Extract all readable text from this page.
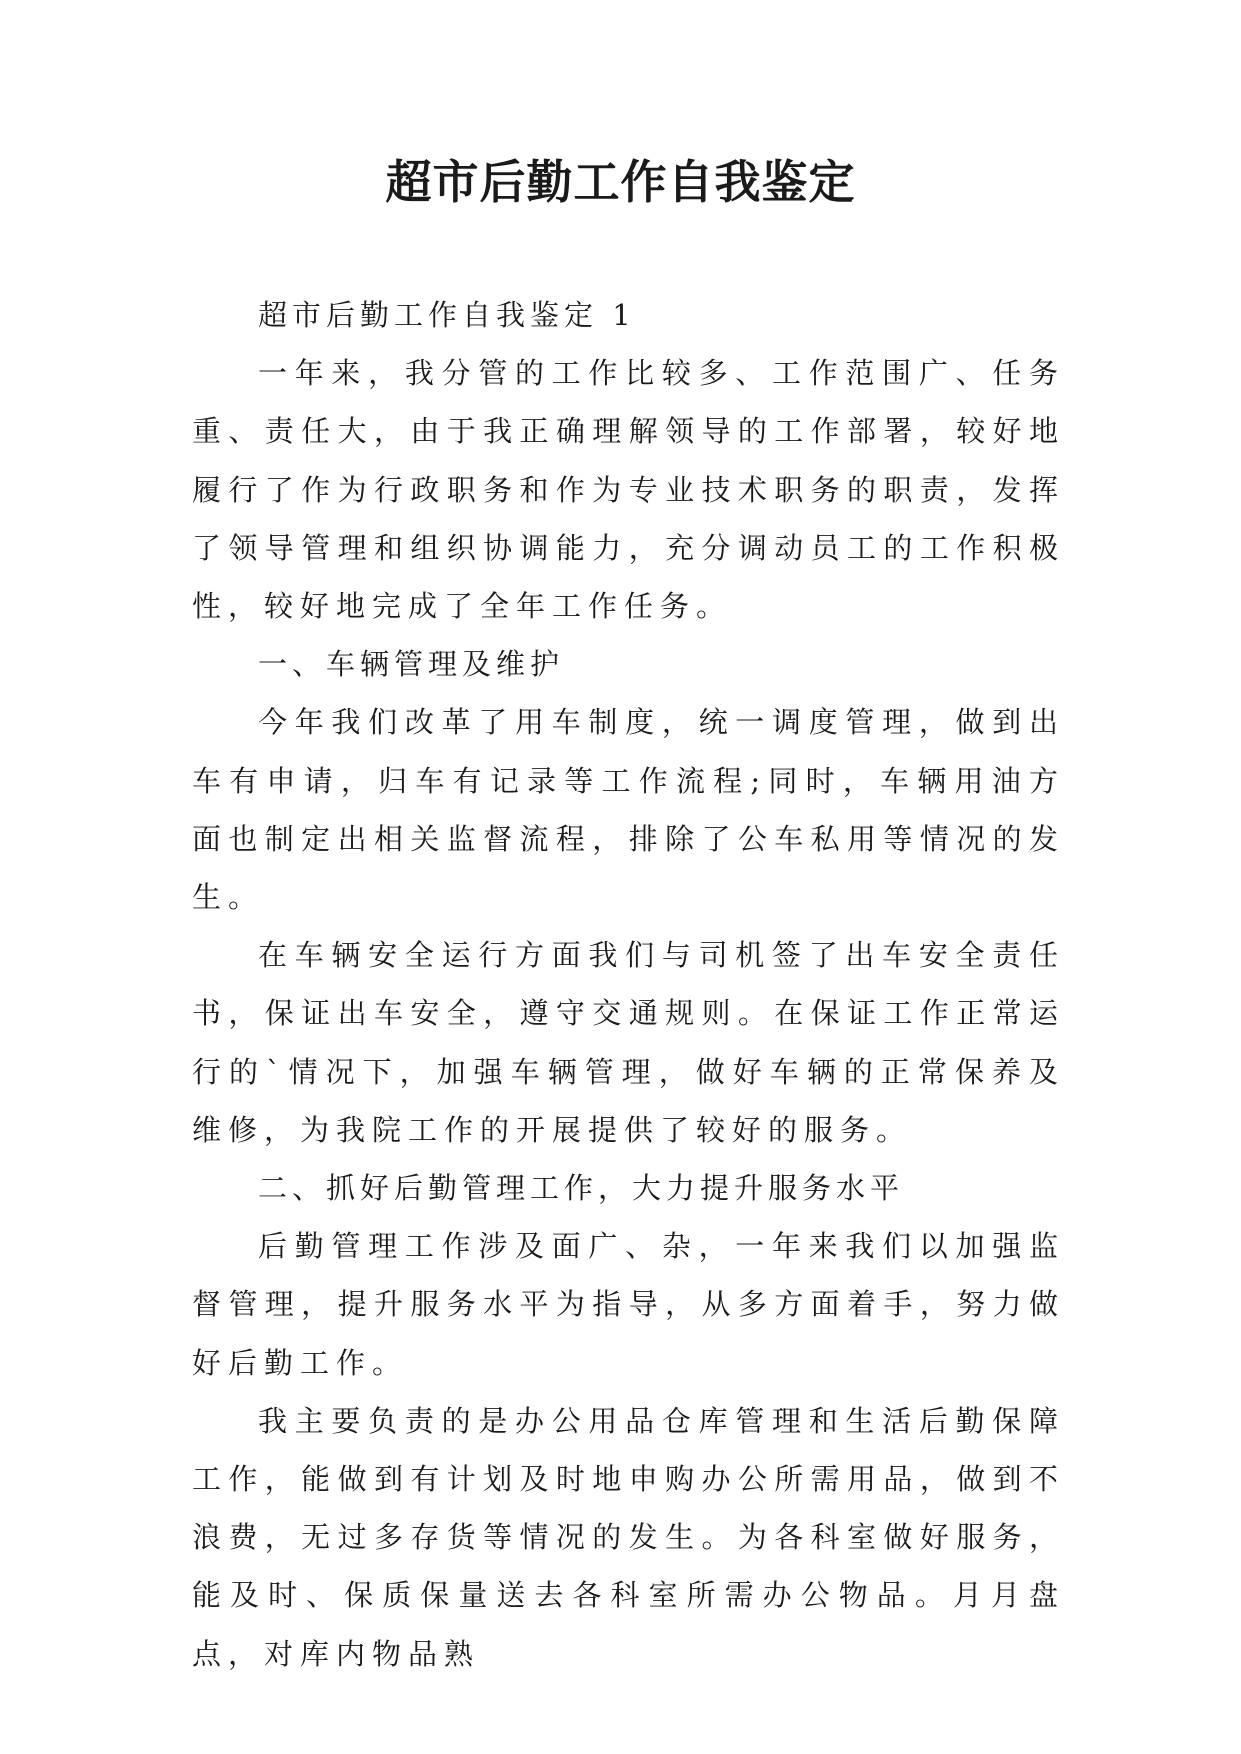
超市后勤工作自我鉴定

超市后勤工作自我鉴定 1

一年来，我分管的工作比较多、工作范围广、任务重、责任大，由于我正确理解领导的工作部署，较好地履行了作为行政职务和作为专业技术职务的职责，发挥了领导管理和组织协调能力，充分调动员工的工作积极性，较好地完成了全年工作任务。

一、车辆管理及维护

今年我们改革了用车制度，统一调度管理，做到出车有申请，归车有记录等工作流程;同时，车辆用油方面也制定出相关监督流程，排除了公车私用等情况的发生。

在车辆安全运行方面我们与司机签了出车安全责任书，保证出车安全，遵守交通规则。在保证工作正常运行的`情况下，加强车辆管理，做好车辆的正常保养及维修，为我院工作的开展提供了较好的服务。

二、抓好后勤管理工作，大力提升服务水平

后勤管理工作涉及面广、杂，一年来我们以加强监督管理，提升服务水平为指导，从多方面着手，努力做好后勤工作。

我主要负责的是办公用品仓库管理和生活后勤保障工作，能做到有计划及时地申购办公所需用品，做到不浪费，无过多存货等情况的发生。为各科室做好服务，能及时、保质保量送去各科室所需办公物品。月月盘点，对库内物品熟
